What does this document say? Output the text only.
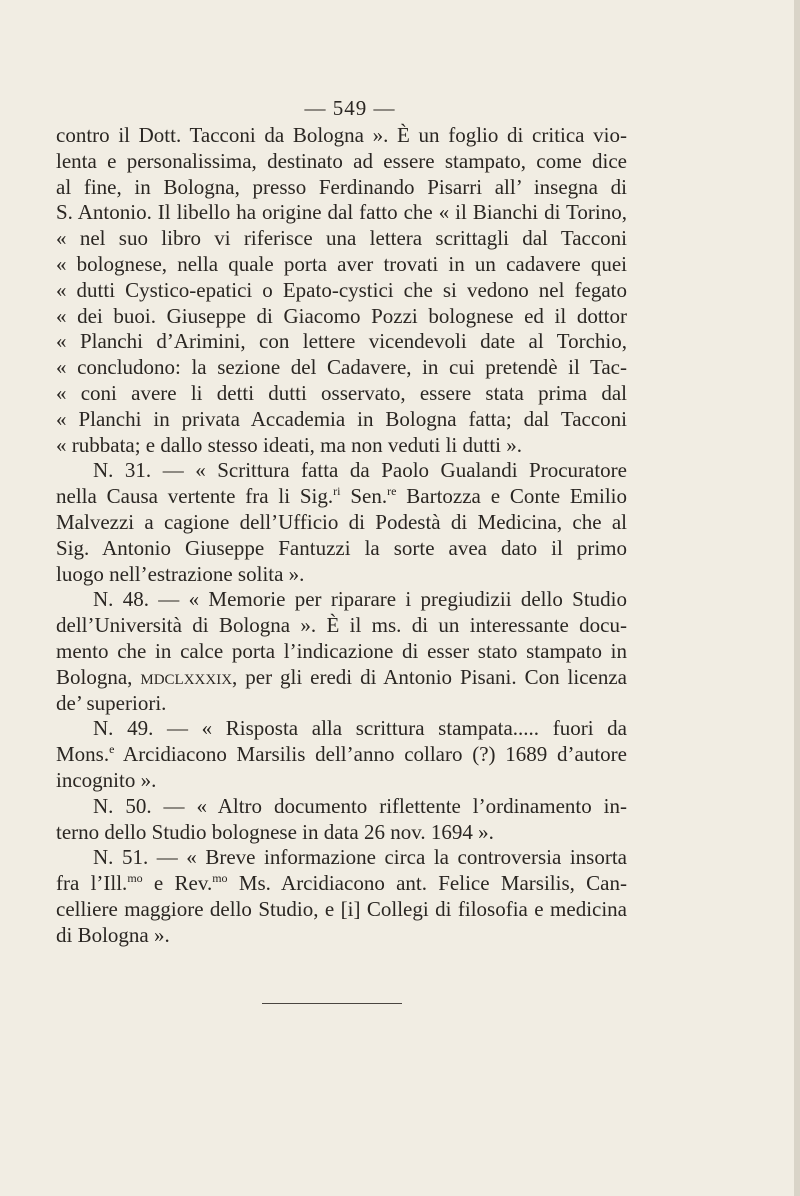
— 549 —
contro il Dott. Tacconi da Bologna ». È un foglio di critica vio-
lenta e personalissima, destinato ad essere stampato, come dice
al fine, in Bologna, presso Ferdinando Pisarri all’ insegna di
S. Antonio. Il libello ha origine dal fatto che « il Bianchi di Torino,
« nel suo libro vi riferisce una lettera scrittagli dal Tacconi
« bolognese, nella quale porta aver trovati in un cadavere quei
« dutti Cystico-epatici o Epato-cystici che si vedono nel fegato
« dei buoi. Giuseppe di Giacomo Pozzi bolognese ed il dottor
« Planchi d’Arimini, con lettere vicendevoli date al Torchio,
« concludono: la sezione del Cadavere, in cui pretendè il Tac-
« coni avere li detti dutti osservato, essere stata prima dal
« Planchi in privata Accademia in Bologna fatta; dal Tacconi
« rubbata; e dallo stesso ideati, ma non veduti li dutti ».
N. 31. — « Scrittura fatta da Paolo Gualandi Procuratore
nella Causa vertente fra li Sig.$^{ri}$ Sen.$^{re}$ Bartozza e Conte Emilio
Malvezzi a cagione dell’Ufficio di Podestà di Medicina, che al
Sig. Antonio Giuseppe Fantuzzi la sorte avea dato il primo
luogo nell’estrazione solita ».
N. 48. — « Memorie per riparare i pregiudizii dello Studio
dell’Università di Bologna ». È il ms. di un interessante docu-
mento che in calce porta l’indicazione di esser stato stampato in
Bologna, mdclxxxix, per gli eredi di Antonio Pisani. Con licenza
de’ superiori.
N. 49. — « Risposta alla scrittura stampata..... fuori da
Mons.$^e$ Arcidiacono Marsilis dell’anno collaro (?) 1689 d’autore
incognito ».
N. 50. — « Altro documento riflettente l’ordinamento in-
terno dello Studio bolognese in data 26 nov. 1694 ».
N. 51. — « Breve informazione circa la controversia insorta
fra l’Ill.$^{mo}$ e Rev.$^{mo}$ Ms. Arcidiacono ant. Felice Marsilis, Can-
celliere maggiore dello Studio, e [i] Collegi di filosofia e medicina
di Bologna ».
